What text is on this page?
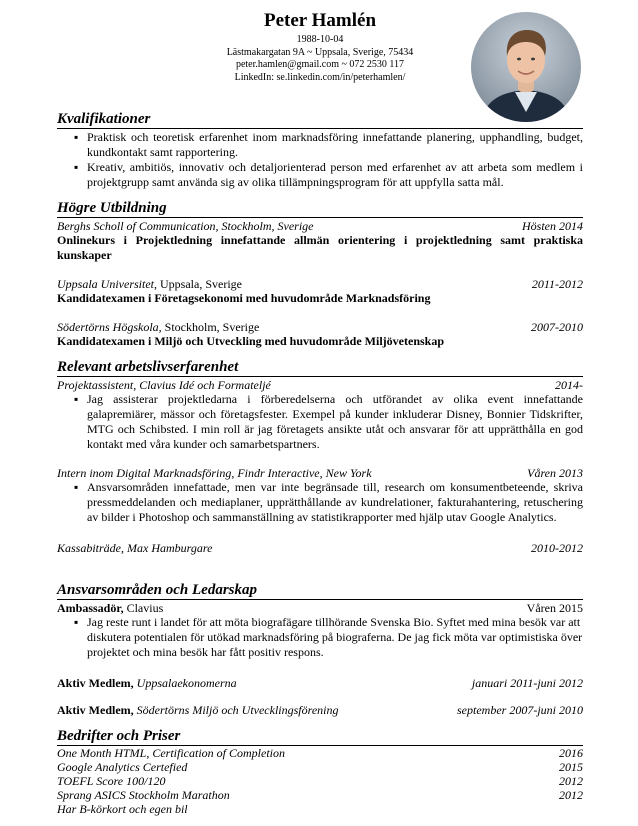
Peter Hamlén
1988-10-04
Lästmakargatan 9A ~ Uppsala, Sverige, 75434
peter.hamlen@gmail.com ~ 072 2530 117
LinkedIn: se.linkedin.com/in/peterhamlen/
Kvalifikationer
▪ Praktisk och teoretisk erfarenhet inom marknadsföring innefattande planering, upphandling, budget, kundkontakt samt rapportering.
▪ Kreativ, ambitiös, innovativ och detaljorienterad person med erfarenhet av att arbeta som medlem i projektgrupp samt använda sig av olika tillämpningsprogram för att uppfylla satta mål.
Högre Utbildning
Berghs Scholl of Communication, Stockholm, Sverige	Hösten 2014
Onlinekurs i Projektledning innefattande allmän orientering i projektledning samt praktiska kunskaper
Uppsala Universitet, Uppsala, Sverige	2011-2012
Kandidatexamen i Företagsekonomi med huvudområde Marknadsföring
Södertörns Högskola, Stockholm, Sverige	2007-2010
Kandidatexamen i Miljö och Utveckling med huvudområde Miljövetenskap
Relevant arbetslivserfarenhet
Projektassistent, Clavius Idé och Formateljé	2014-
▪ Jag assisterar projektledarna i förberedelserna och utförandet av olika event innefattande galapremiärer, mässor och företagsfester. Exempel på kunder inkluderar Disney, Bonnier Tidskrifter, MTG och Schibsted. I min roll är jag företagets ansikte utåt och ansvarar för att upprätthålla en god kontakt med våra kunder och samarbetspartners.
Intern inom Digital Marknadsföring, Findr Interactive, New York	Våren 2013
▪ Ansvarsområden innefattade, men var inte begränsade till, research om konsumentbeteende, skriva pressmeddelanden och mediaplaner, upprätthållande av kundrelationer, fakturahantering, retuschering av bilder i Photoshop och sammanställning av statistikrapporter med hjälp utav Google Analytics.
Kassabiträde, Max Hamburgare	2010-2012
Ansvarsområden och Ledarskap
Ambassadör, Clavius	Våren 2015
▪ Jag reste runt i landet för att möta biografägare tillhörande Svenska Bio. Syftet med mina besök var att diskutera potentialen för utökad marknadsföring på biograferna. De jag fick möta var optimistiska över projektet och mina besök har fått positiv respons.
Aktiv Medlem, Uppsalaekonomerna	januari 2011-juni 2012
Aktiv Medlem, Södertörns Miljö och Utvecklingsförening	september 2007-juni 2010
Bedrifter och Priser
One Month HTML, Certification of Completion	2016
Google Analytics Certefied	2015
TOEFL Score 100/120	2012
Sprang ASICS Stockholm Marathon	2012
Har B-körkort och egen bil
